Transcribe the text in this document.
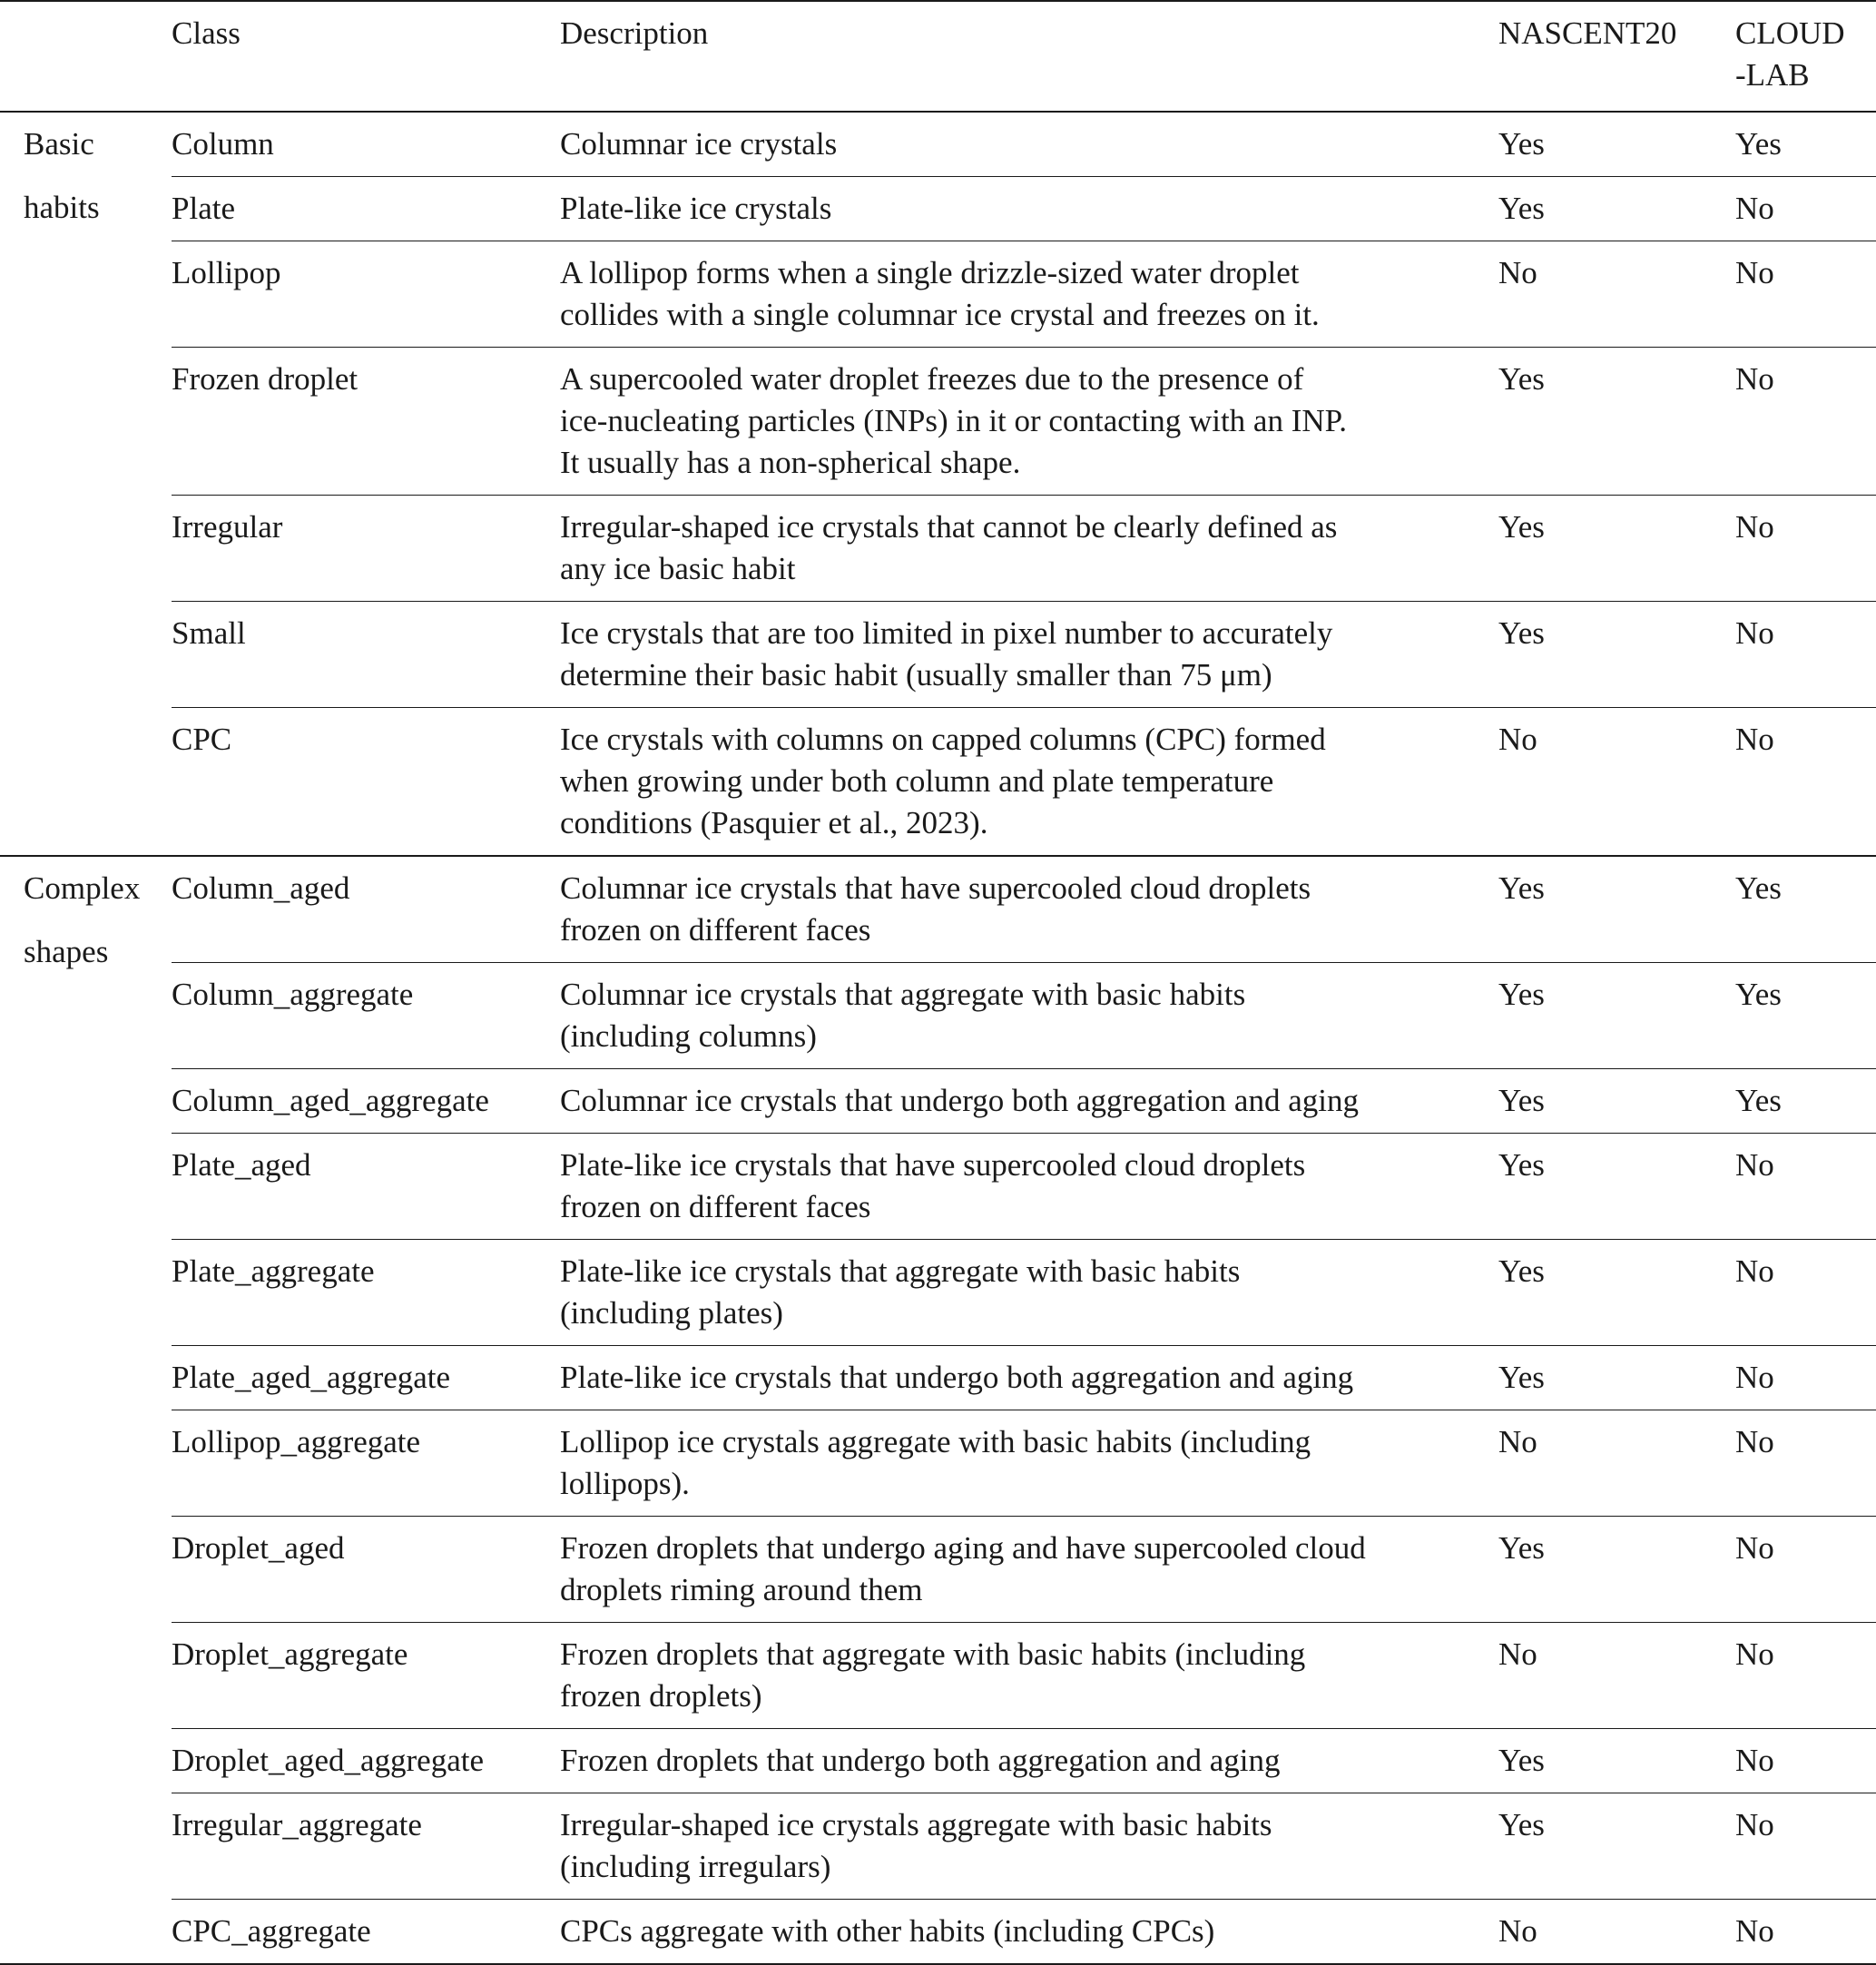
	Class	Description	NASCENT20	CLOUD
-LAB

Basic
habits	Column	Columnar ice crystals	Yes	Yes
	Plate	Plate-like ice crystals	Yes	No
	Lollipop	A lollipop forms when a single drizzle-sized water droplet
collides with a single columnar ice crystal and freezes on it.	No	No
	Frozen droplet	A supercooled water droplet freezes due to the presence of
ice-nucleating particles (INPs) in it or contacting with an INP.
It usually has a non-spherical shape.	Yes	No
	Irregular	Irregular-shaped ice crystals that cannot be clearly defined as
any ice basic habit	Yes	No
	Small	Ice crystals that are too limited in pixel number to accurately
determine their basic habit (usually smaller than 75 μm)	Yes	No
	CPC	Ice crystals with columns on capped columns (CPC) formed
when growing under both column and plate temperature
conditions (Pasquier et al., 2023).	No	No

Complex
shapes	Column_aged	Columnar ice crystals that have supercooled cloud droplets
frozen on different faces	Yes	Yes
	Column_aggregate	Columnar ice crystals that aggregate with basic habits
(including columns)	Yes	Yes
	Column_aged_aggregate	Columnar ice crystals that undergo both aggregation and aging	Yes	Yes
	Plate_aged	Plate-like ice crystals that have supercooled cloud droplets
frozen on different faces	Yes	No
	Plate_aggregate	Plate-like ice crystals that aggregate with basic habits
(including plates)	Yes	No
	Plate_aged_aggregate	Plate-like ice crystals that undergo both aggregation and aging	Yes	No
	Lollipop_aggregate	Lollipop ice crystals aggregate with basic habits (including
lollipops).	No	No
	Droplet_aged	Frozen droplets that undergo aging and have supercooled cloud
droplets riming around them	Yes	No
	Droplet_aggregate	Frozen droplets that aggregate with basic habits (including
frozen droplets)	No	No
	Droplet_aged_aggregate	Frozen droplets that undergo both aggregation and aging	Yes	No
	Irregular_aggregate	Irregular-shaped ice crystals aggregate with basic habits
(including irregulars)	Yes	No
	CPC_aggregate	CPCs aggregate with other habits (including CPCs)	No	No
